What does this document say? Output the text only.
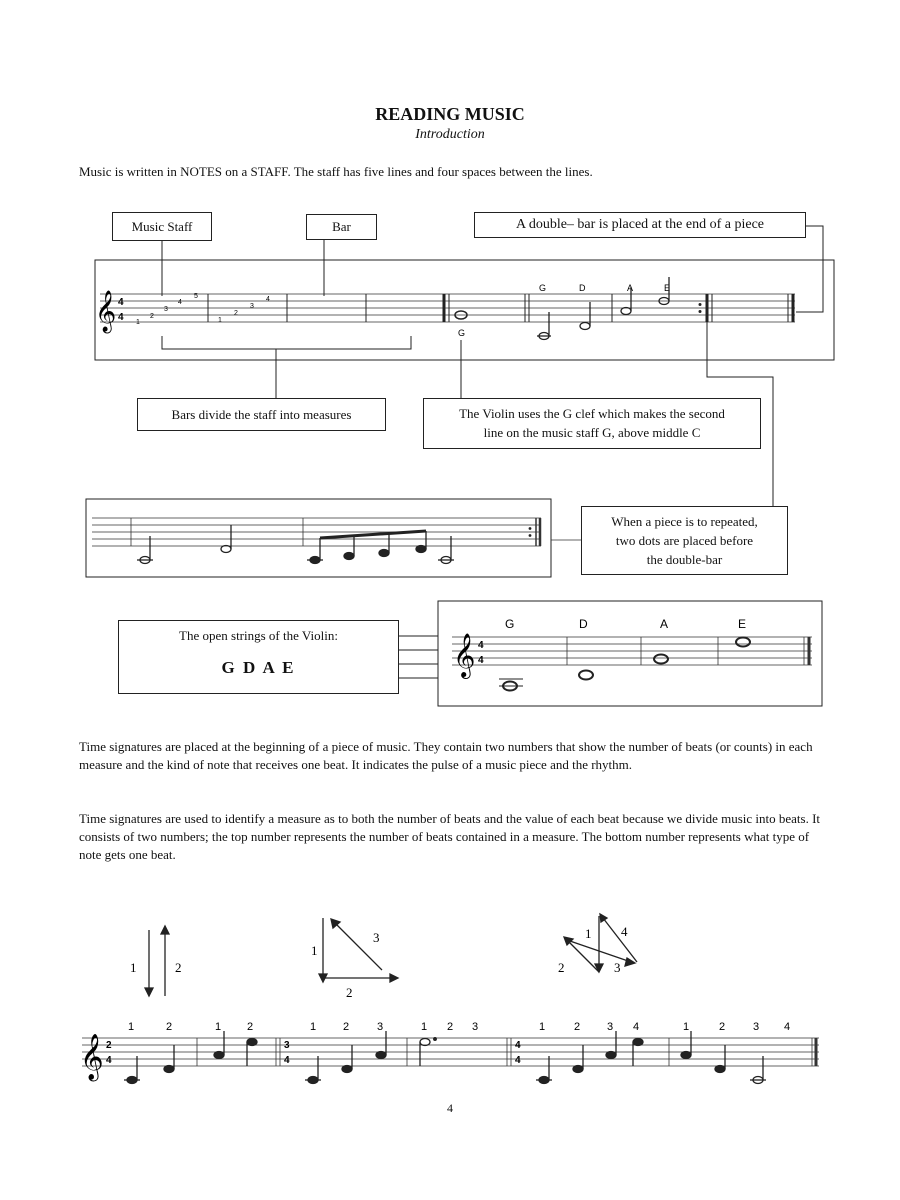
READING MUSIC
Introduction
Music is written in NOTES on a STAFF. The staff has five lines and four spaces between the lines.
𝄞 4
4 1
2
3
4
5
1
2
3
4
G
G	D	A	E
𝄞 4
4
G	D	A	E
1	2
1
2
3	1
2	3
4
𝄞 2
4
3
4
4
4
1	2	1 2	1 2	3	1 2 3	1	2 3 4	1	2	3 4
Music Staff	Bar	A double– bar is placed at the end of a piece
Bars divide the staff into measures	The Violin uses the G clef which makes the second
line on the music staff G, above middle C
When a piece is to repeated,
two dots are placed before
the double-bar
The open strings of the Violin:
G D A E
Time signatures are placed at the beginning of a piece of music. They contain two numbers that show the number of beats (or counts) in each measure and the kind of note that receives one beat. It indicates the pulse of a music piece and the rhythm.
Time signatures are used to identify a measure as to both the number of beats and the value of each beat because we divide music into beats. It consists of two numbers; the top number represents the number of beats contained in a measure. The bottom number represents what type of note gets one beat.
4
